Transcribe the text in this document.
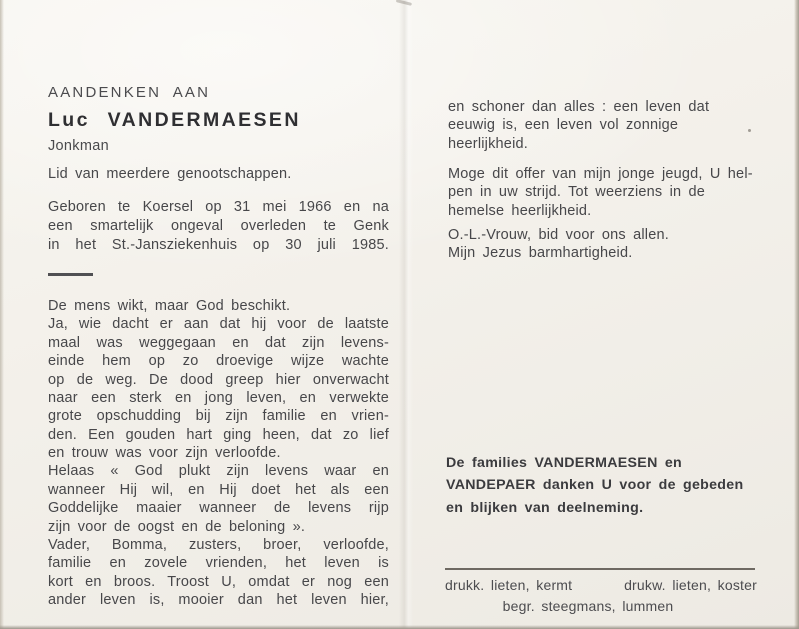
AANDENKEN AAN
Luc VANDERMAESEN
Jonkman
Lid van meerdere genootschappen.
Geboren te Koersel op 31 mei 1966 en na
een smartelijk ongeval overleden te Genk
in het St.-Jansziekenhuis op 30 juli 1985.
De mens wikt, maar God beschikt.
Ja, wie dacht er aan dat hij voor de laatste
maal was weggegaan en dat zijn levens-
einde hem op zo droevige wijze wachte
op de weg. De dood greep hier onverwacht
naar een sterk en jong leven, en verwekte
grote opschudding bij zijn familie en vrien-
den. Een gouden hart ging heen, dat zo lief
en trouw was voor zijn verloofde.
Helaas « God plukt zijn levens waar en
wanneer Hij wil, en Hij doet het als een
Goddelijke maaier wanneer de levens rijp
zijn voor de oogst en de beloning ».
Vader, Bomma, zusters, broer, verloofde,
familie en zovele vrienden, het leven is
kort en broos. Troost U, omdat er nog een
ander leven is, mooier dan het leven hier,
en schoner dan alles : een leven dat
eeuwig is, een leven vol zonnige
heerlijkheid.
Moge dit offer van mijn jonge jeugd, U hel-
pen in uw strijd. Tot weerziens in de
hemelse heerlijkheid.
O.-L.-Vrouw, bid voor ons allen.
Mijn Jezus barmhartigheid.
De families VANDERMAESEN en
VANDEPAER danken U voor de gebeden
en blijken van deelneming.
drukk. lieten, kermt	drukw. lieten, koster
begr. steegmans, lummen
